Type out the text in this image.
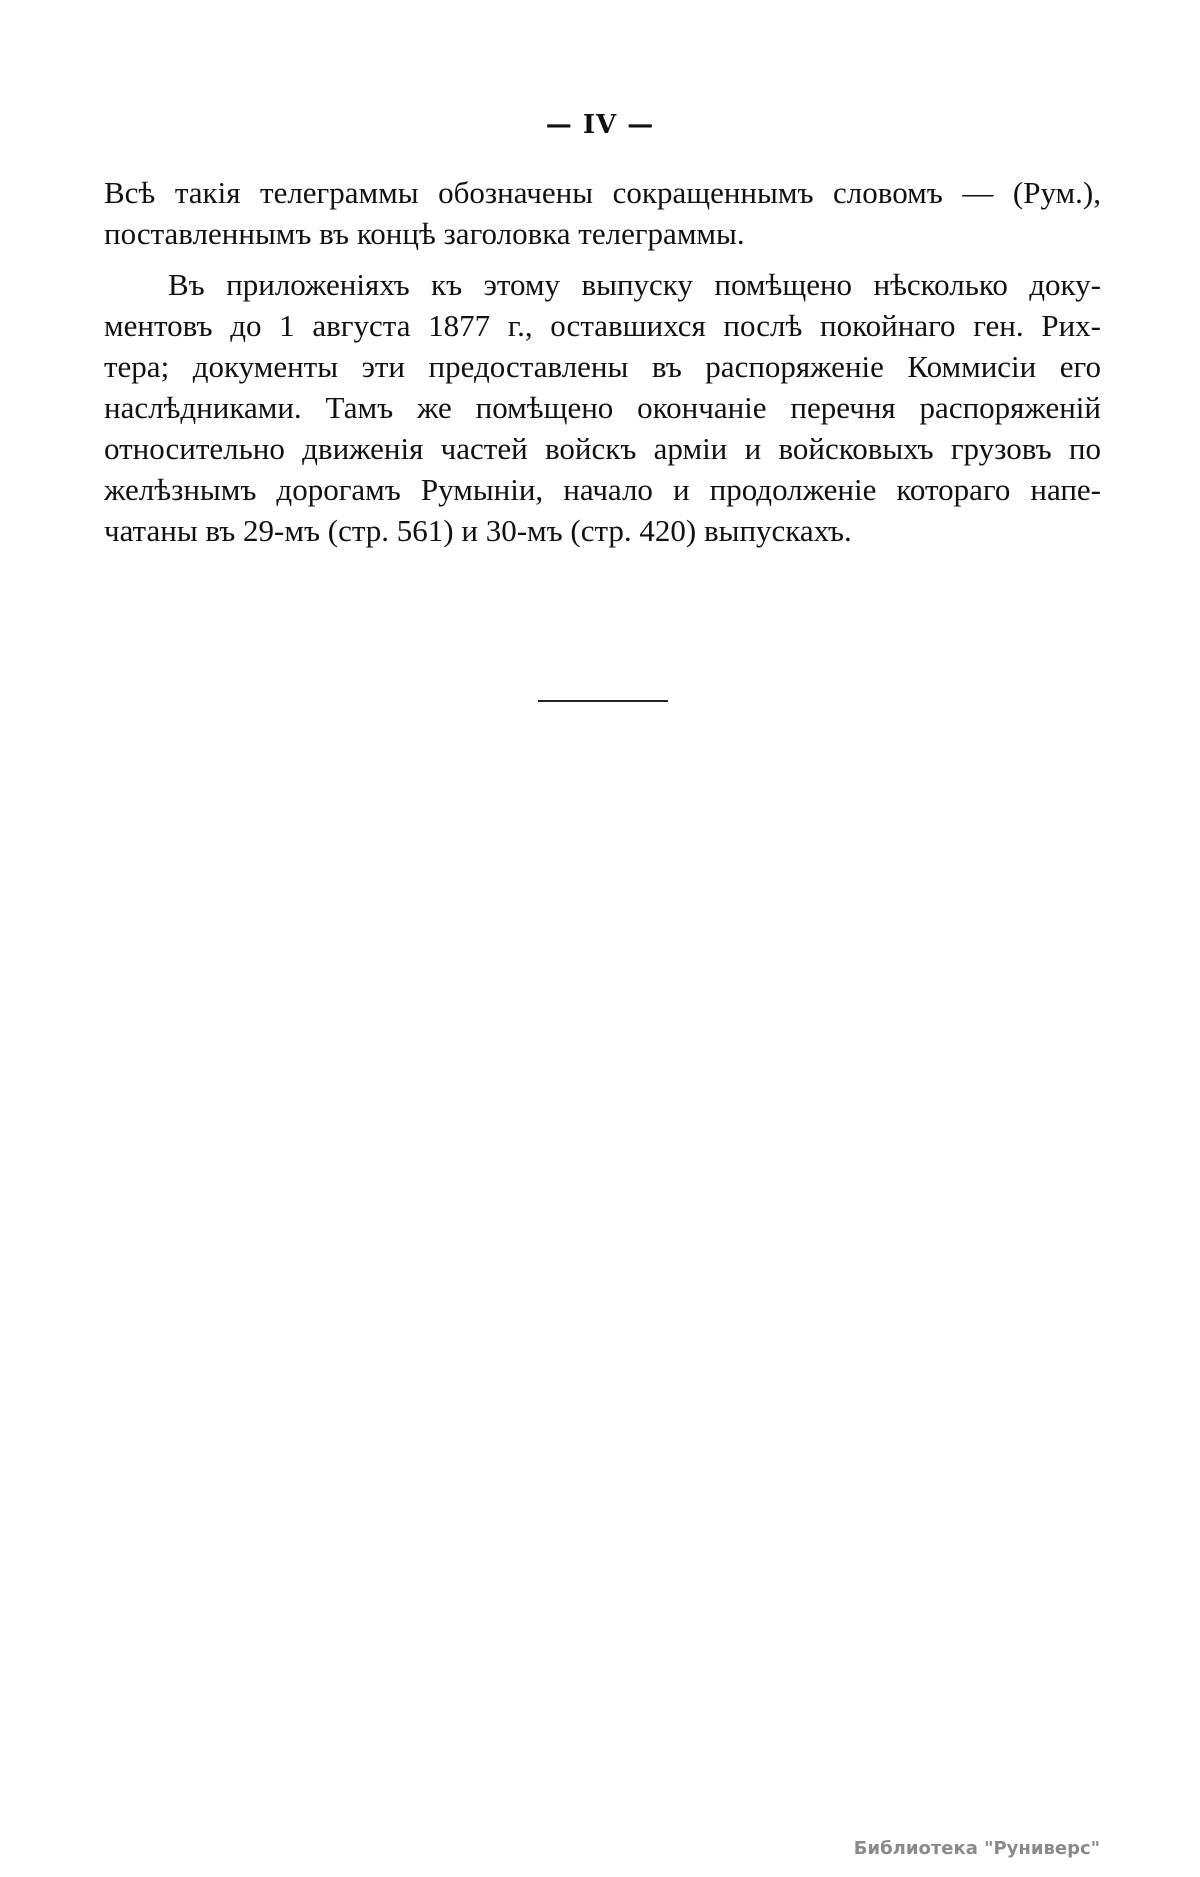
— IV —
Всѣ такія телеграммы обозначены сокращеннымъ словомъ — (Рум.),
поставленнымъ въ концѣ заголовка телеграммы.
Въ приложеніяхъ къ этому выпуску помѣщено нѣсколько доку-
ментовъ до 1 августа 1877 г., оставшихся послѣ покойнаго ген. Рих-
тера; документы эти предоставлены въ распоряженіе Коммисіи его
наслѣдниками. Тамъ же помѣщено окончаніе перечня распоряженій
относительно движенія частей войскъ арміи и войсковыхъ грузовъ по
желѣзнымъ дорогамъ Румыніи, начало и продолженіе котораго напе-
чатаны въ 29-мъ (стр. 561) и 30-мъ (стр. 420) выпускахъ.
Библиотека "Руниверс"
